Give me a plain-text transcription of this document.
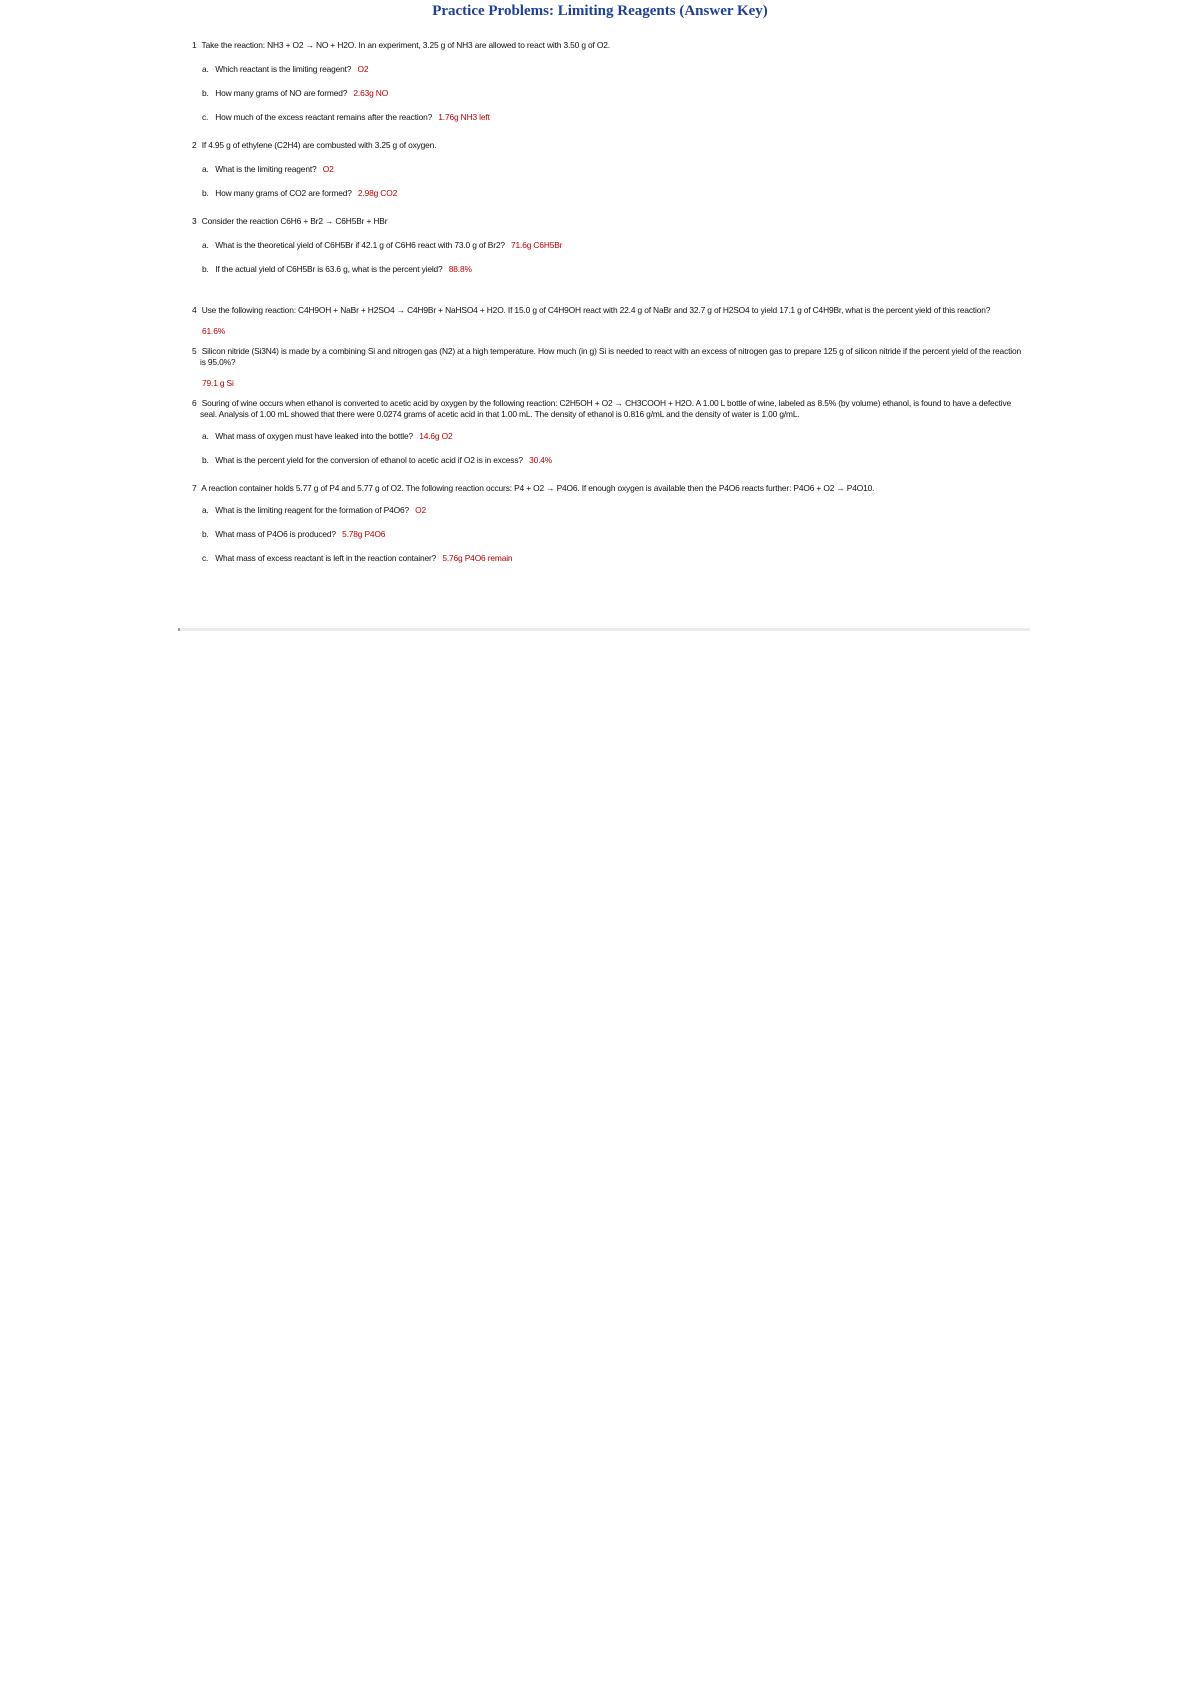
Practice Problems: Limiting Reagents (Answer Key)

1 Take the reaction: NH3 + O2 → NO + H2O. In an experiment, 3.25 g of NH3 are allowed to react with 3.50 g of O2.

a. Which reactant is the limiting reagent? O2

b. How many grams of NO are formed? 2.63g NO

c. How much of the excess reactant remains after the reaction? 1.76g NH3 left

2 If 4.95 g of ethylene (C2H4) are combusted with 3.25 g of oxygen.

a. What is the limiting reagent? O2

b. How many grams of CO2 are formed? 2.98g CO2

3 Consider the reaction C6H6 + Br2 → C6H5Br + HBr

a. What is the theoretical yield of C6H5Br if 42.1 g of C6H6 react with 73.0 g of Br2? 71.6g C6H5Br

b. If the actual yield of C6H5Br is 63.6 g, what is the percent yield? 88.8%

4 Use the following reaction: C4H9OH + NaBr + H2SO4 → C4H9Br + NaHSO4 + H2O. If 15.0 g of C4H9OH react with 22.4 g of NaBr and 32.7 g of H2SO4 to yield 17.1 g of C4H9Br, what is the percent yield of this reaction?

61.6%

5 Silicon nitride (Si3N4) is made by a combining Si and nitrogen gas (N2) at a high temperature. How much (in g) Si is needed to react with an excess of nitrogen gas to prepare 125 g of silicon nitride if the percent yield of the reaction is 95.0%?

79.1 g Si

6 Souring of wine occurs when ethanol is converted to acetic acid by oxygen by the following reaction: C2H5OH + O2 → CH3COOH + H2O. A 1.00 L bottle of wine, labeled as 8.5% (by volume) ethanol, is found to have a defective seal. Analysis of 1.00 mL showed that there were 0.0274 grams of acetic acid in that 1.00 mL. The density of ethanol is 0.816 g/mL and the density of water is 1.00 g/mL.

a. What mass of oxygen must have leaked into the bottle? 14.6g O2

b. What is the percent yield for the conversion of ethanol to acetic acid if O2 is in excess? 30.4%

7 A reaction container holds 5.77 g of P4 and 5.77 g of O2. The following reaction occurs: P4 + O2 → P4O6. If enough oxygen is available then the P4O6 reacts further: P4O6 + O2 → P4O10.

a. What is the limiting reagent for the formation of P4O6? O2

b. What mass of P4O6 is produced? 5.78g P4O6

c. What mass of excess reactant is left in the reaction container? 5.76g P4O6 remain
